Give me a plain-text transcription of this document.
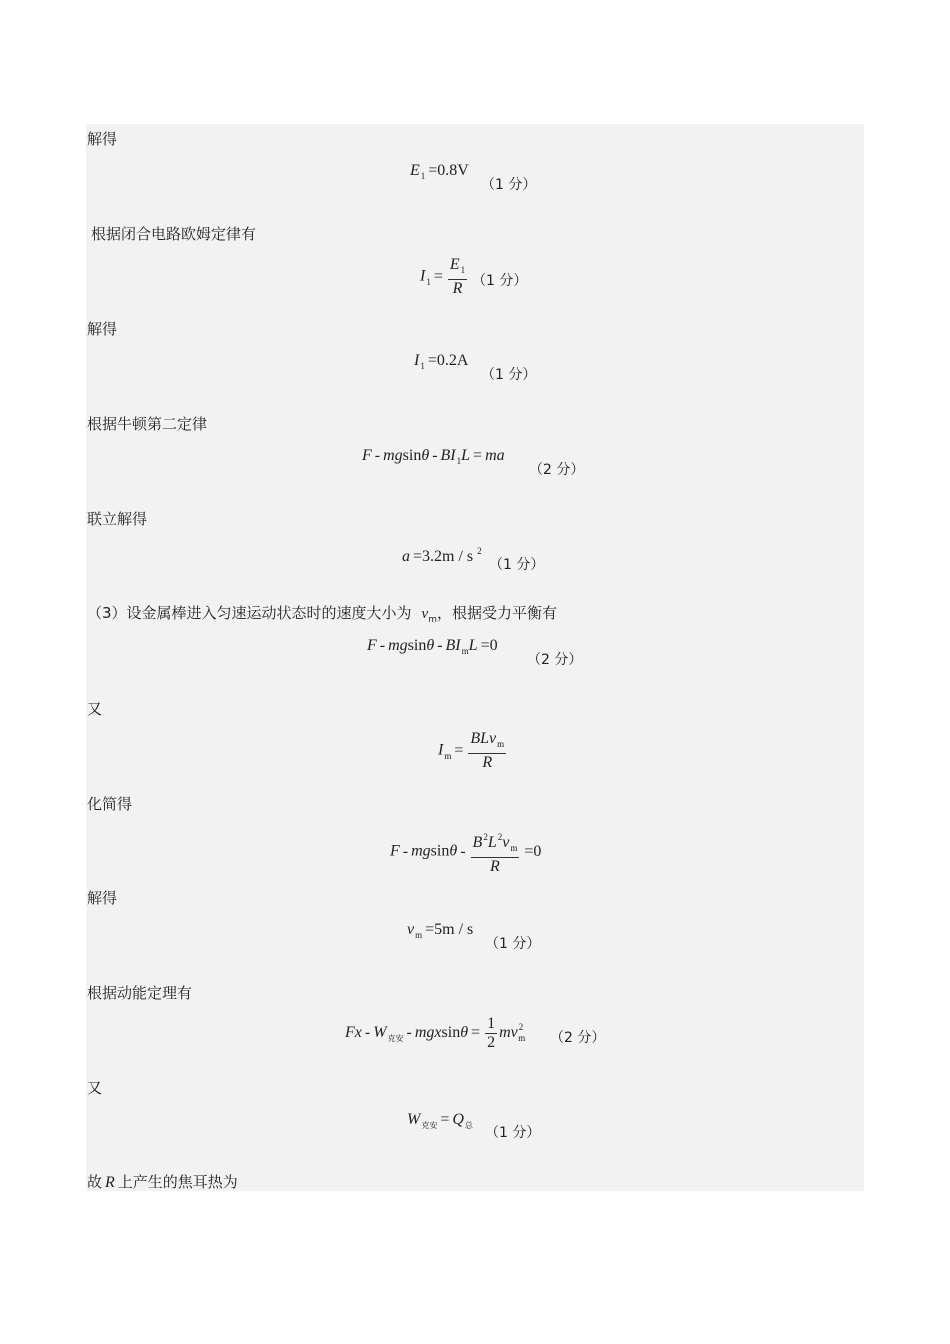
解得
$E_1 =0.8V$
（1 分）
根据闭合电路欧姆定律有
$I_1 = \frac{E_1}{R} (1$ 分）
解得
$I_1 =0.2A$
（1 分）
根据牛顿第二定律
F - mgsinθ - $BI_1L$ = ma
（2 分）
联立解得
a =3.2m / s $^2$
（1 分）
（3）设金属棒进入匀速运动状态时的速度大小为 $v_m$，根据受力平衡有
$F - mgsin\theta - BI_mL =0$
（2 分）
又
$I_m = \frac{BLv_m}{R}$
化简得
$F - mgsin\theta - \frac{B^2L^2v_m}{R} =0$
解得
$v_m =5m / s$
（1 分）
根据动能定理有
$Fx - W_{克安} - mgxsin\theta = \frac{1}{2} mv^2_m$ （2 分）
又
$W_{克安} = Q_总$ （1 分）
故 R 上产生的焦耳热为
